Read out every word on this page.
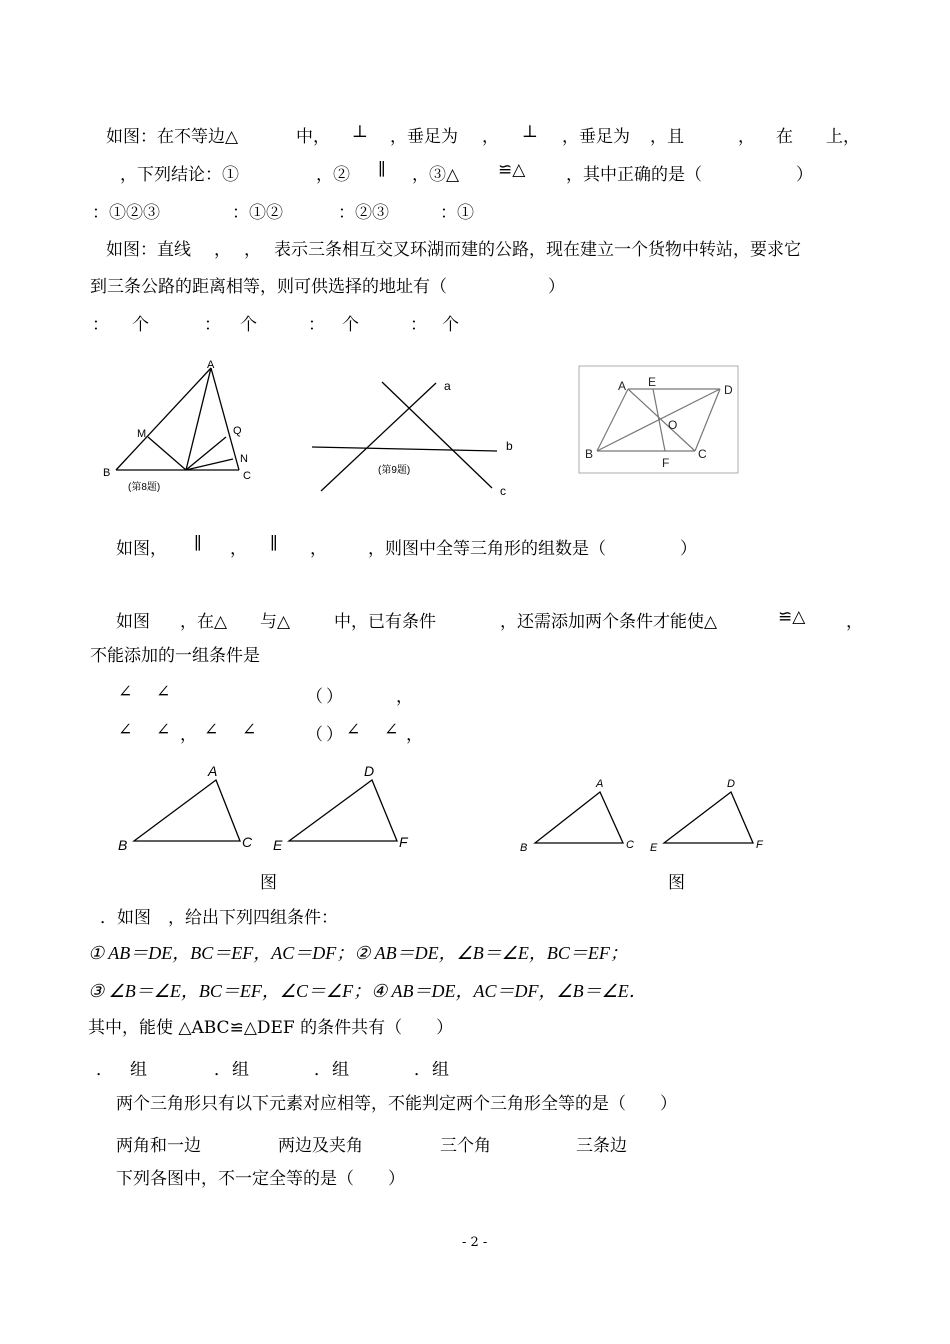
如图：在不等边△	中， ⊥ ，垂足为 ， ⊥ ，垂足为 ，且	， 在 上，
，下列结论：①	，② ∥ ，③△ ≌△ ，其中正确的是（	）
：①②③	：①②	：②③	：①
如图：直线 ， ， 表示三条相互交叉环湖而建的公路，现在建立一个货物中转站，要求它
到三条公路的距离相等，则可供选择的地址有（	）
： 个	： 个	： 个	： 个
A
M	Q
N
B	C
(第8题)
a
b
c
(第9题)
A E
D
O
B
F
C
如图， ∥ ， ∥ ， ，则图中全等三角形的组数是（	）
如图 ，在△ 与△	中，已有条件	，还需添加两个条件才能使△	≌△ ，
不能添加的一组条件是
∠ ∠	（ ）	，
∠ ∠ ， ∠ ∠	（ ） ∠ ∠ ，
A
B	C
D
E	F
A
B	C
D
E	F
图	图
．如图　，给出下列四组条件：
① AB＝DE，BC＝EF，AC＝DF；② AB＝DE，∠B＝∠E，BC＝EF；
③ ∠B＝∠E，BC＝EF，∠C＝∠F；④ AB＝DE，AC＝DF，∠B＝∠E．
其中，能使 △ABC≌△DEF 的条件共有（　　）
． 组	． 组	． 组	． 组
两个三角形只有以下元素对应相等，不能判定两个三角形全等的是（　　）
两角和一边	两边及夹角	三个角	三条边
下列各图中，不一定全等的是（　　）
- 2 -
